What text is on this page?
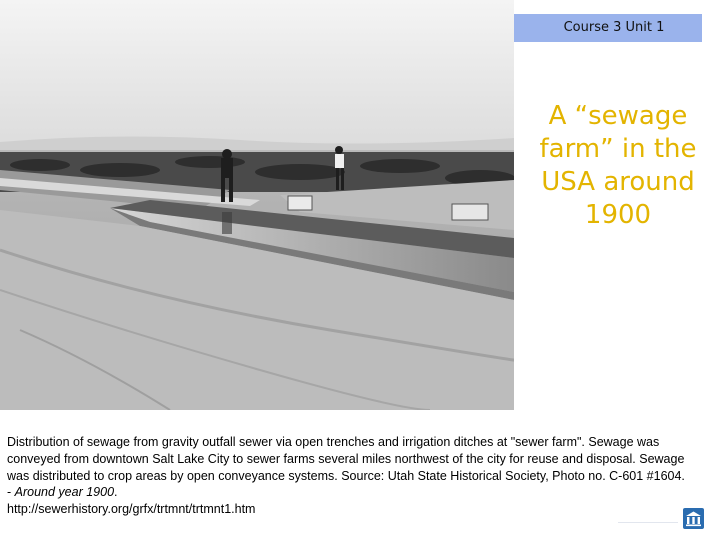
Course 3 Unit 1
A “sewage farm” in the USA around 1900

Distribution of sewage from gravity outfall sewer via open trenches and irrigation ditches at "sewer farm". Sewage was conveyed from downtown Salt Lake City to sewer farms several miles northwest of the city for reuse and disposal. Sewage was distributed to crop areas by open conveyance systems. Source: Utah State Historical Society, Photo no. C-601 #1604. - Around year 1900.
http://sewerhistory.org/grfx/trtmnt/trtmnt1.htm
